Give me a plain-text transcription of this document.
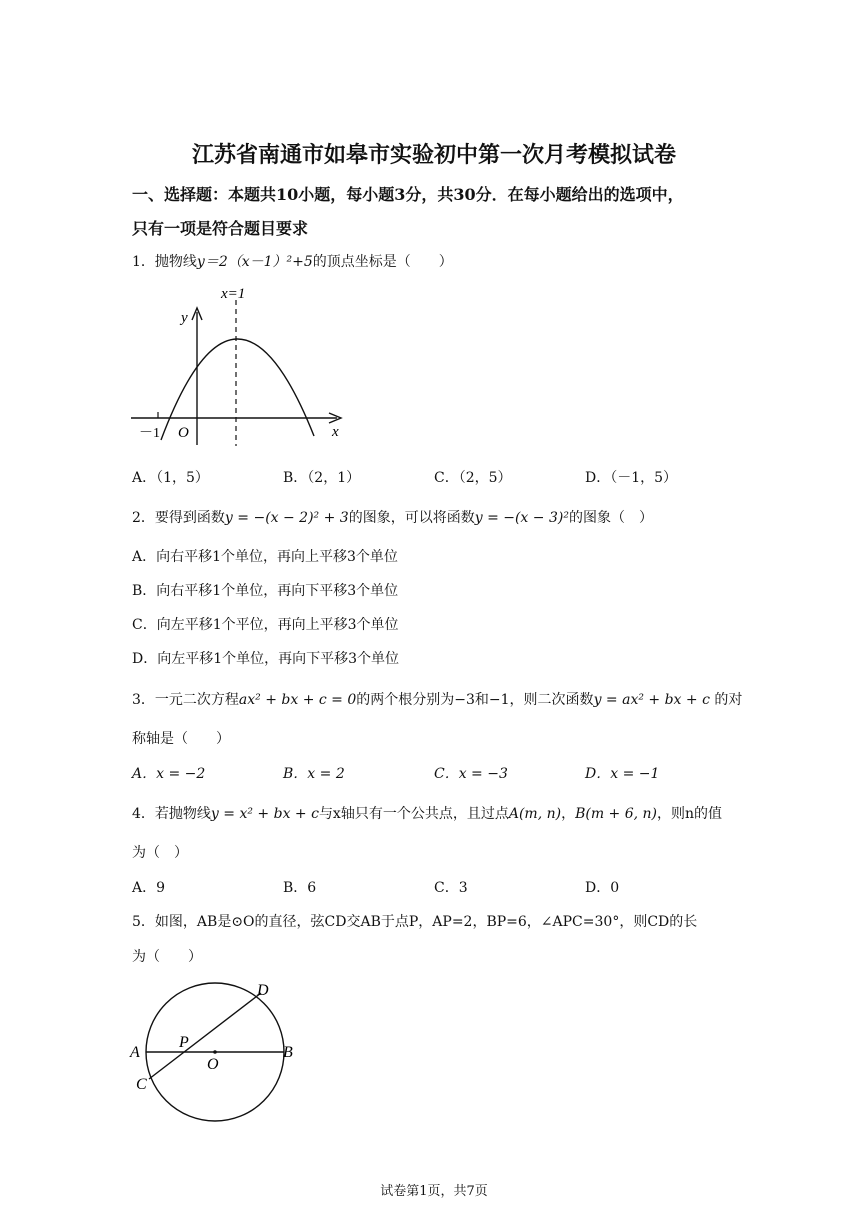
江苏省南通市如皋市实验初中第一次月考模拟试卷
一、选择题：本题共10小题，每小题3分，共30分．在每小题给出的选项中，
只有一项是符合题目要求
1．抛物线y＝2（x－1）²+5的顶点坐标是（　　）
x=1
y
x
O
－1
A．（1，5）	B．（2，1）	C．（2，5）	D．（－1，5）
2．要得到函数y = −(x − 2)² + 3的图象，可以将函数y = −(x − 3)²的图象（　）
A．向右平移1个单位，再向上平移3个单位
B．向右平移1个单位，再向下平移3个单位
C．向左平移1个平位，再向上平移3个单位
D．向左平移1个单位，再向下平移3个单位
3．一元二次方程ax² + bx + c = 0的两个根分别为−3和−1，则二次函数y = ax² + bx + c 的对
称轴是（　　）
A．x = −2	B．x = 2	C．x = −3	D．x = −1
4．若抛物线y = x² + bx + c与x轴只有一个公共点，且过点A(m, n)，B(m + 6, n)，则n的值
为（　）
A．9	B．6	C．3	D．0
5．如图，AB是⊙O的直径，弦CD交AB于点P，AP=2，BP=6，∠APC=30°，则CD的长
为（　　）
A	B
C
D
P
O
试卷第1页，共7页
